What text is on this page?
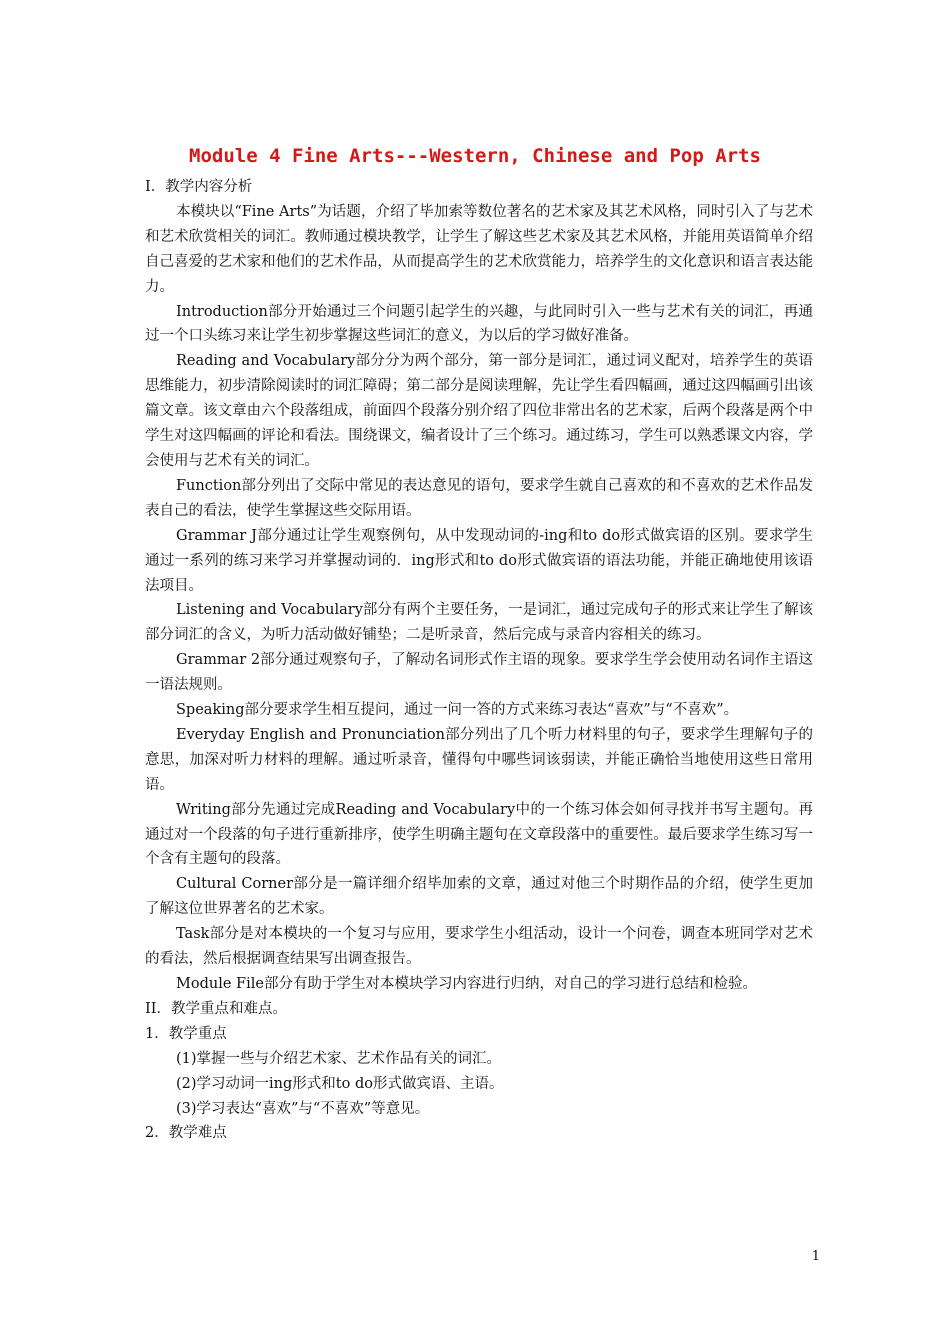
Module 4 Fine Arts---Western, Chinese and Pop Arts

I．教学内容分析

本模块以“Fine Arts”为话题，介绍了毕加索等数位著名的艺术家及其艺术风格，同时引入了与艺术和艺术欣赏相关的词汇。教师通过模块教学，让学生了解这些艺术家及其艺术风格，并能用英语简单介绍自己喜爱的艺术家和他们的艺术作品，从而提高学生的艺术欣赏能力，培养学生的文化意识和语言表达能力。

Introduction部分开始通过三个问题引起学生的兴趣，与此同时引入一些与艺术有关的词汇，再通过一个口头练习来让学生初步掌握这些词汇的意义，为以后的学习做好准备。

Reading and Vocabulary部分分为两个部分，第一部分是词汇，通过词义配对，培养学生的英语思维能力，初步清除阅读时的词汇障碍；第二部分是阅读理解，先让学生看四幅画，通过这四幅画引出该篇文章。该文章由六个段落组成，前面四个段落分别介绍了四位非常出名的艺术家，后两个段落是两个中学生对这四幅画的评论和看法。围绕课文，编者设计了三个练习。通过练习，学生可以熟悉课文内容，学会使用与艺术有关的词汇。

Function部分列出了交际中常见的表达意见的语句，要求学生就自己喜欢的和不喜欢的艺术作品发表自己的看法，使学生掌握这些交际用语。

Grammar J部分通过让学生观察例句，从中发现动词的-ing和to do形式做宾语的区别。要求学生通过一系列的练习来学习并掌握动词的．ing形式和to do形式做宾语的语法功能，并能正确地使用该语法项目。

Listening and Vocabulary部分有两个主要任务，一是词汇，通过完成句子的形式来让学生了解该部分词汇的含义，为听力活动做好铺垫；二是听录音，然后完成与录音内容相关的练习。

Grammar 2部分通过观察句子，了解动名词形式作主语的现象。要求学生学会使用动名词作主语这一语法规则。

Speaking部分要求学生相互提问，通过一问一答的方式来练习表达“喜欢”与“不喜欢”。

Everyday English and Pronunciation部分列出了几个听力材料里的句子，要求学生理解句子的意思，加深对听力材料的理解。通过听录音，懂得句中哪些词该弱读，并能正确恰当地使用这些日常用语。

Writing部分先通过完成Reading and Vocabulary中的一个练习体会如何寻找并书写主题句。再通过对一个段落的句子进行重新排序，使学生明确主题句在文章段落中的重要性。最后要求学生练习写一个含有主题句的段落。

Cultural Corner部分是一篇详细介绍毕加索的文章，通过对他三个时期作品的介绍，使学生更加了解这位世界著名的艺术家。

Task部分是对本模块的一个复习与应用，要求学生小组活动，设计一个问卷，调查本班同学对艺术的看法，然后根据调查结果写出调查报告。

Module File部分有助于学生对本模块学习内容进行归纳，对自己的学习进行总结和检验。

II．教学重点和难点。

1．教学重点

(1)掌握一些与介绍艺术家、艺术作品有关的词汇。

(2)学习动词一ing形式和to do形式做宾语、主语。

(3)学习表达“喜欢”与“不喜欢”等意见。

2．教学难点

1
